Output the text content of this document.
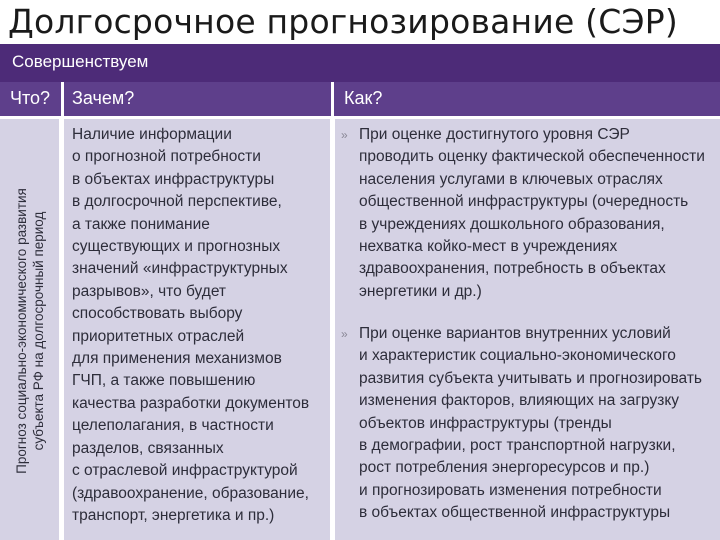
Долгосрочное прогнозирование (СЭР)
Совершенствуем
Что?	Зачем?	Как?
Прогноз социально-экономического развития
субъекта РФ на долгосрочный период
Наличие информации
о прогнозной потребности
в объектах инфраструктуры
в долгосрочной перспективе,
а также понимание
существующих и прогнозных
значений «инфраструктурных
разрывов», что будет
способствовать выбору
приоритетных отраслей
для применения механизмов
ГЧП, а также повышению
качества разработки документов
целеполагания, в частности
разделов, связанных
с отраслевой инфраструктурой
(здравоохранение, образование,
транспорт, энергетика и пр.)
» При оценке достигнутого уровня СЭР
проводить оценку фактической обеспеченности
населения услугами в ключевых отраслях
общественной инфраструктуры (очередность
в учреждениях дошкольного образования,
нехватка койко-мест в учреждениях
здравоохранения, потребность в объектах
энергетики и др.)
» При оценке вариантов внутренних условий
и характеристик социально-экономического
развития субъекта учитывать и прогнозировать
изменения факторов, влияющих на загрузку
объектов инфраструктуры (тренды
в демографии, рост транспортной нагрузки,
рост потребления энергоресурсов и пр.)
и прогнозировать изменения потребности
в объектах общественной инфраструктуры
